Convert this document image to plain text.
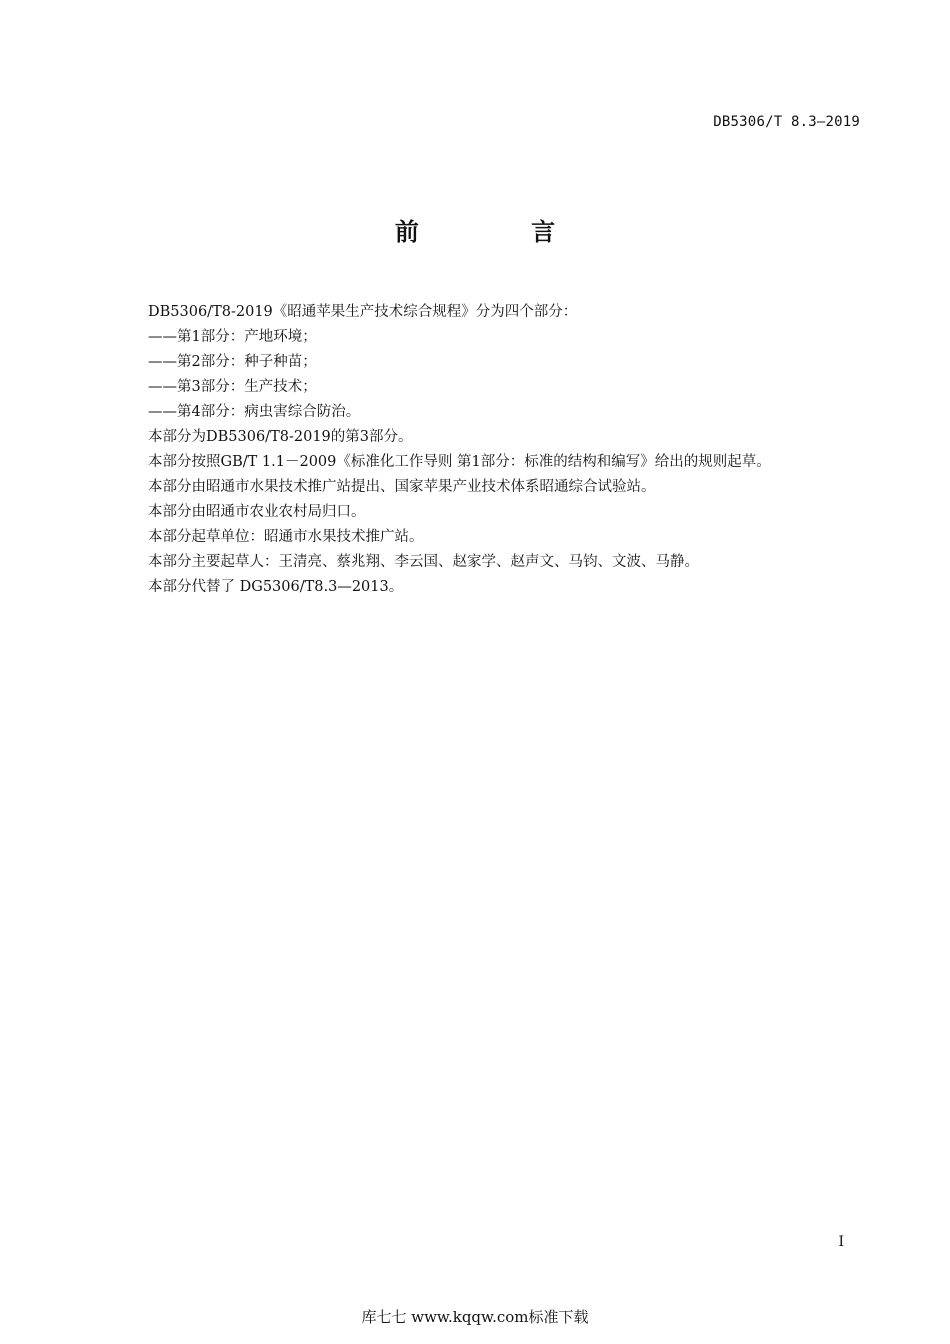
DB5306/T 8.3—2019
前 言
DB5306/T8-2019《昭通苹果生产技术综合规程》分为四个部分：
——第1部分：产地环境；
——第2部分：种子种苗；
——第3部分：生产技术；
——第4部分：病虫害综合防治。
本部分为DB5306/T8-2019的第3部分。
本部分按照GB/T 1.1－2009《标准化工作导则 第1部分：标准的结构和编写》给出的规则起草。
本部分由昭通市水果技术推广站提出、国家苹果产业技术体系昭通综合试验站。
本部分由昭通市农业农村局归口。
本部分起草单位：昭通市水果技术推广站。
本部分主要起草人：王清亮、蔡兆翔、李云国、赵家学、赵声文、马钧、文波、马静。
本部分代替了 DG5306/T8.3—2013。
I
库七七 www.kqqw.com标准下载
